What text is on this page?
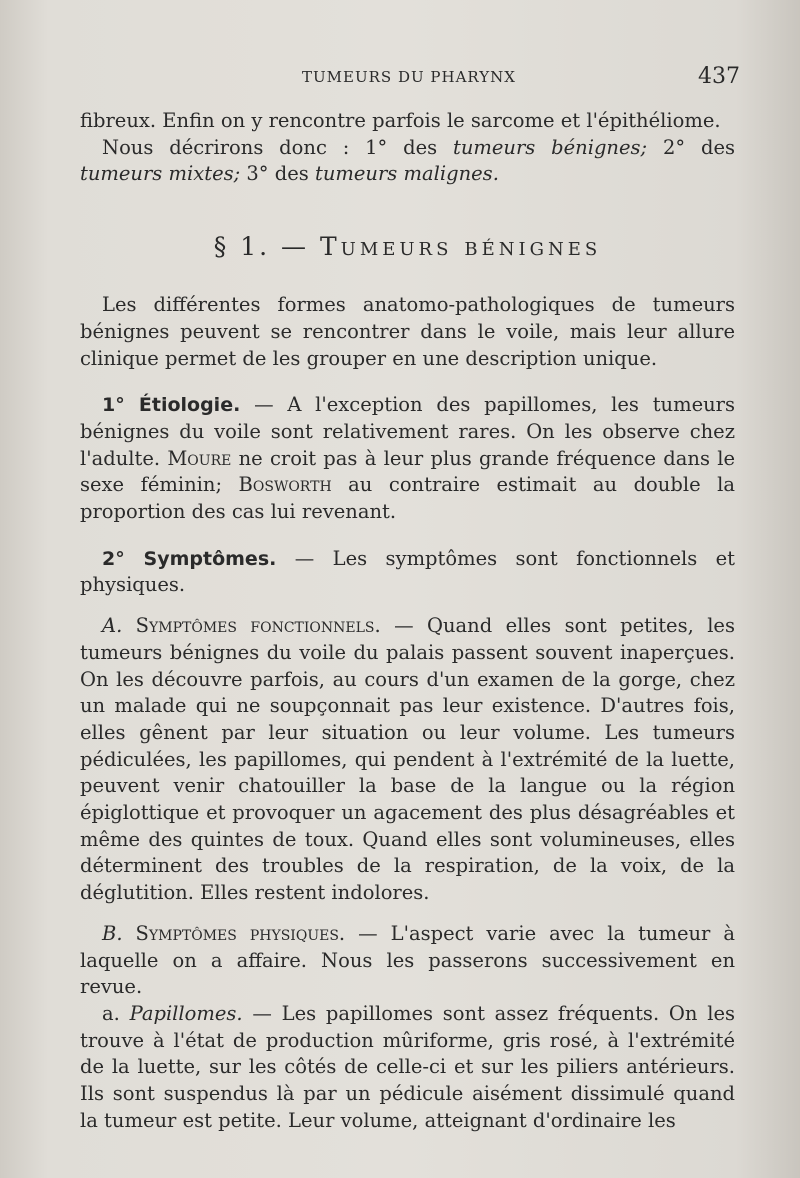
TUMEURS DU PHARYNX	437

fibreux. Enfin on y rencontre parfois le sarcome et l'épithéliome.

Nous décrirons donc : 1° des tumeurs bénignes; 2° des tumeurs mixtes; 3° des tumeurs malignes.

§ 1. — Tumeurs bénignes

Les différentes formes anatomo-pathologiques de tumeurs bénignes peuvent se rencontrer dans le voile, mais leur allure clinique permet de les grouper en une description unique.

1° Étiologie. — A l'exception des papillomes, les tumeurs bénignes du voile sont relativement rares. On les observe chez l'adulte. Moure ne croit pas à leur plus grande fréquence dans le sexe féminin; Bosworth au contraire estimait au double la proportion des cas lui revenant.

2° Symptômes. — Les symptômes sont fonctionnels et physiques.

A. Symptômes fonctionnels. — Quand elles sont petites, les tumeurs bénignes du voile du palais passent souvent inaperçues. On les découvre parfois, au cours d'un examen de la gorge, chez un malade qui ne soupçonnait pas leur existence. D'autres fois, elles gênent par leur situation ou leur volume. Les tumeurs pédiculées, les papillomes, qui pendent à l'extrémité de la luette, peuvent venir chatouiller la base de la langue ou la région épiglottique et provoquer un agacement des plus désagréables et même des quintes de toux. Quand elles sont volumineuses, elles déterminent des troubles de la respiration, de la voix, de la déglutition. Elles restent indolores.

B. Symptômes physiques. — L'aspect varie avec la tumeur à laquelle on a affaire. Nous les passerons successivement en revue.

a. Papillomes. — Les papillomes sont assez fréquents. On les trouve à l'état de production mûriforme, gris rosé, à l'extrémité de la luette, sur les côtés de celle-ci et sur les piliers antérieurs. Ils sont suspendus là par un pédicule aisément dissimulé quand la tumeur est petite. Leur volume, atteignant d'ordinaire les
